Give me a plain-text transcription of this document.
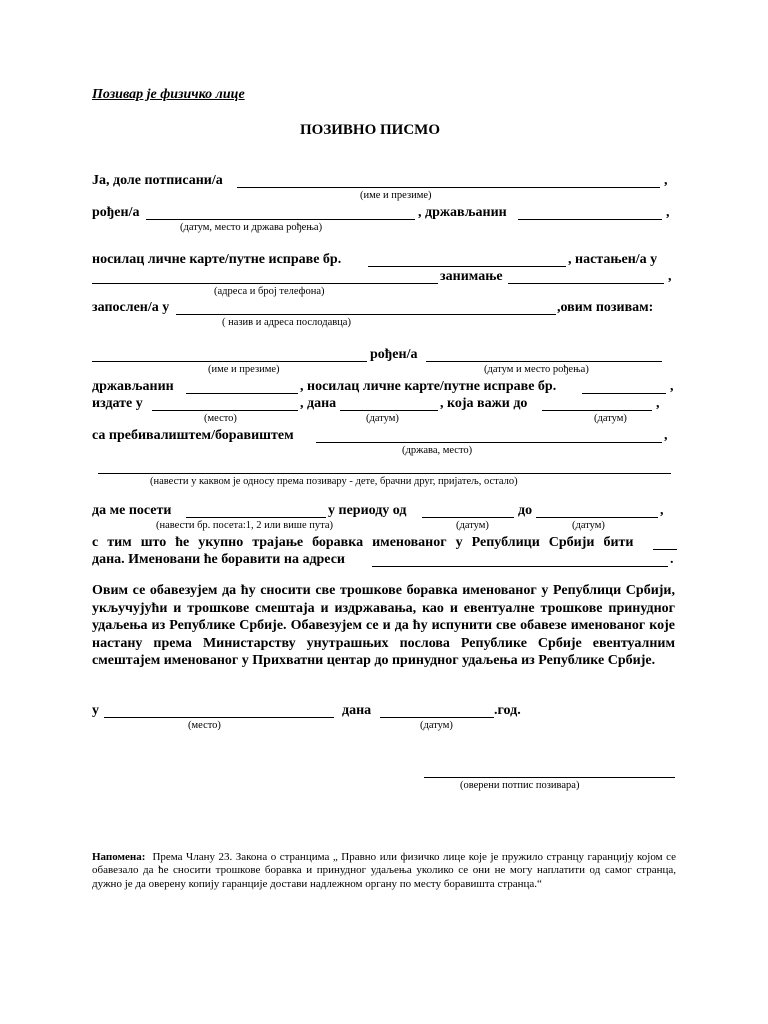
Позивар је физичко лице
ПОЗИВНО ПИСМО
Ја, доле потписани/а	,
(име и презиме)
рођен/а	, држављанин	,
(датум, место и држава рођења)
носилац личне карте/путне исправе бр.	, настањен/а у
занимање	,
(адреса и број телефона)
запослен/а у	,овим позивам:
( назив и адреса послодавца)
рођен/а
(име и презиме)	(датум и место рођења)
држављанин	, носилац личне карте/путне исправе бр.	,
издате у	, дана	, која важи до	,
(место)	(датум)	(датум)
са пребивалиштем/боравиштем	,
(држава, место)
(навести у каквом је односу према позивару - дете, брачни друг, пријатељ, остало)
да ме посети	у периоду од	до	,
(навести бр. посета:1, 2 или више пута)	(датум)	(датум)
с тим што ће укупно трајање боравка именованог у Републици Србији бити
дана. Именовани ће боравити на адреси	.
Овим се обавезујем да ћу сносити све трошкове боравка именованог у Републици Србији, укључујући и трошкове смештаја и издржавања, као и евентуалне трошкове принудног удаљења из Републике Србије. Обавезујем се и да ћу испунити све обавезе именованог које настану према Министарству унутрашњих послова Републике Србије евентуалним смештајем именованог у Прихватни центар до принудног удаљења из Републике Србије.
у	дана	.год.
(место)	(датум)
(оверени потпис позивара)
Напомена: Према Члану 23. Закона о странцима „ Правно или физичко лице које је пружило странцу гаранцију којом се обавезало да ће сносити трошкове боравка и принудног удаљења уколико се они не могу наплатити од самог странца, дужно је да оверену копију гаранције достави надлежном органу по месту боравишта странца.“
